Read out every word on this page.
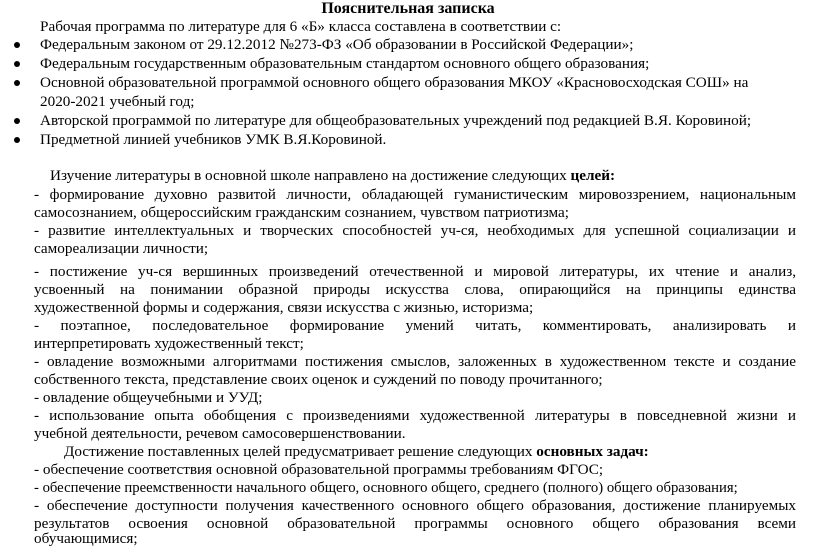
Пояснительная записка
Рабочая программа по литературе для 6 «Б» класса составлена в соответствии с:
Федеральным законом от 29.12.2012 №273-ФЗ «Об образовании в Российской Федерации»;
Федеральным государственным образовательным стандартом основного общего образования;
Основной образовательной программой основного общего образования МКОУ «Красновосходская СОШ» на
2020-2021 учебный год;
Авторской программой по литературе для общеобразовательных учреждений под редакцией В.Я. Коровиной;
Предметной линией учебников УМК В.Я.Коровиной.
Изучение литературы в основной школе направлено на достижение следующих целей:
- формирование духовно развитой личности, обладающей гуманистическим мировоззрением, национальным
самосознанием, общероссийским гражданским сознанием, чувством патриотизма;
- развитие интеллектуальных и творческих способностей уч-ся, необходимых для успешной социализации и
самореализации личности;
- постижение уч-ся вершинных произведений отечественной и мировой литературы, их чтение и анализ,
усвоенный на понимании образной природы искусства слова, опирающийся на принципы единства
художественной формы и содержания, связи искусства с жизнью, историзма;
- поэтапное, последовательное формирование умений читать, комментировать, анализировать и
интерпретировать художественный текст;
- овладение возможными алгоритмами постижения смыслов, заложенных в художественном тексте и создание
собственного текста, представление своих оценок и суждений по поводу прочитанного;
- овладение общеучебными и УУД;
- использование опыта обобщения с произведениями художественной литературы в повседневной жизни и
учебной деятельности, речевом самосовершенствовании.
Достижение поставленных целей предусматривает решение следующих основных задач:
- обеспечение соответствия основной образовательной программы требованиям ФГОС;
- обеспечение преемственности начального общего, основного общего, среднего (полного) общего образования;
- обеспечение доступности получения качественного основного общего образования, достижение планируемых
результатов освоения основной образовательной программы основного общего образования всеми
обучающимися;
